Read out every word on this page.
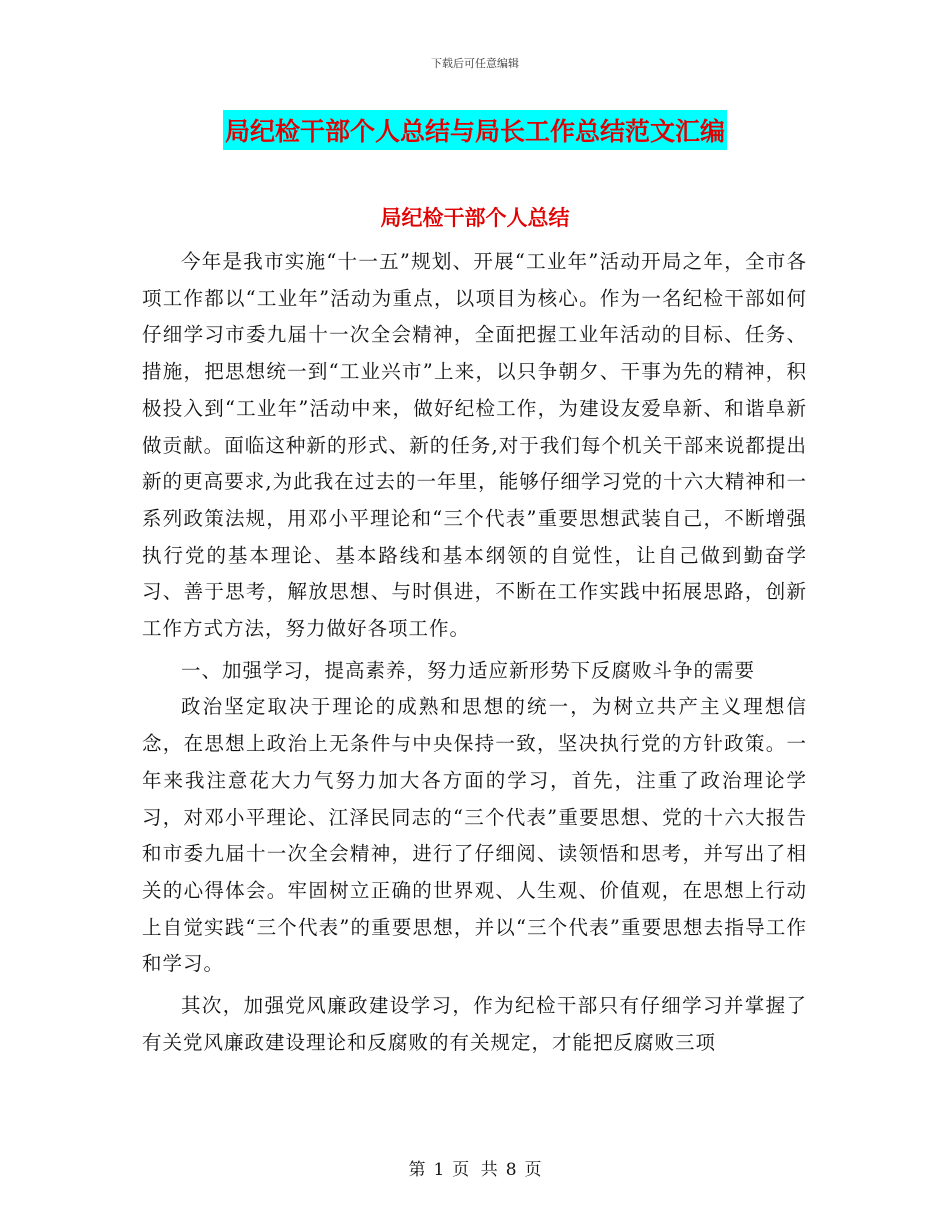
下载后可任意编辑
局纪检干部个人总结与局长工作总结范文汇编
局纪检干部个人总结

今年是我市实施“十一五”规划、开展“工业年”活动开局之年，全市各项工作都以“工业年”活动为重点，以项目为核心。作为一名纪检干部如何仔细学习市委九届十一次全会精神，全面把握工业年活动的目标、任务、措施，把思想统一到“工业兴市”上来，以只争朝夕、干事为先的精神，积极投入到“工业年”活动中来，做好纪检工作，为建设友爱阜新、和谐阜新做贡献。面临这种新的形式、新的任务,对于我们每个机关干部来说都提出新的更高要求,为此我在过去的一年里，能够仔细学习党的十六大精神和一系列政策法规，用邓小平理论和“三个代表”重要思想武装自己，不断增强执行党的基本理论、基本路线和基本纲领的自觉性，让自己做到勤奋学习、善于思考，解放思想、与时俱进，不断在工作实践中拓展思路，创新工作方式方法，努力做好各项工作。

一、加强学习，提高素养，努力适应新形势下反腐败斗争的需要

政治坚定取决于理论的成熟和思想的统一，为树立共产主义理想信念，在思想上政治上无条件与中央保持一致，坚决执行党的方针政策。一年来我注意花大力气努力加大各方面的学习，首先，注重了政治理论学习，对邓小平理论、江泽民同志的“三个代表”重要思想、党的十六大报告和市委九届十一次全会精神，进行了仔细阅、读领悟和思考，并写出了相关的心得体会。牢固树立正确的世界观、人生观、价值观，在思想上行动上自觉实践“三个代表”的重要思想，并以“三个代表”重要思想去指导工作和学习。

其次，加强党风廉政建设学习，作为纪检干部只有仔细学习并掌握了有关党风廉政建设理论和反腐败的有关规定，才能把反腐败三项

第 1 页 共 8 页
